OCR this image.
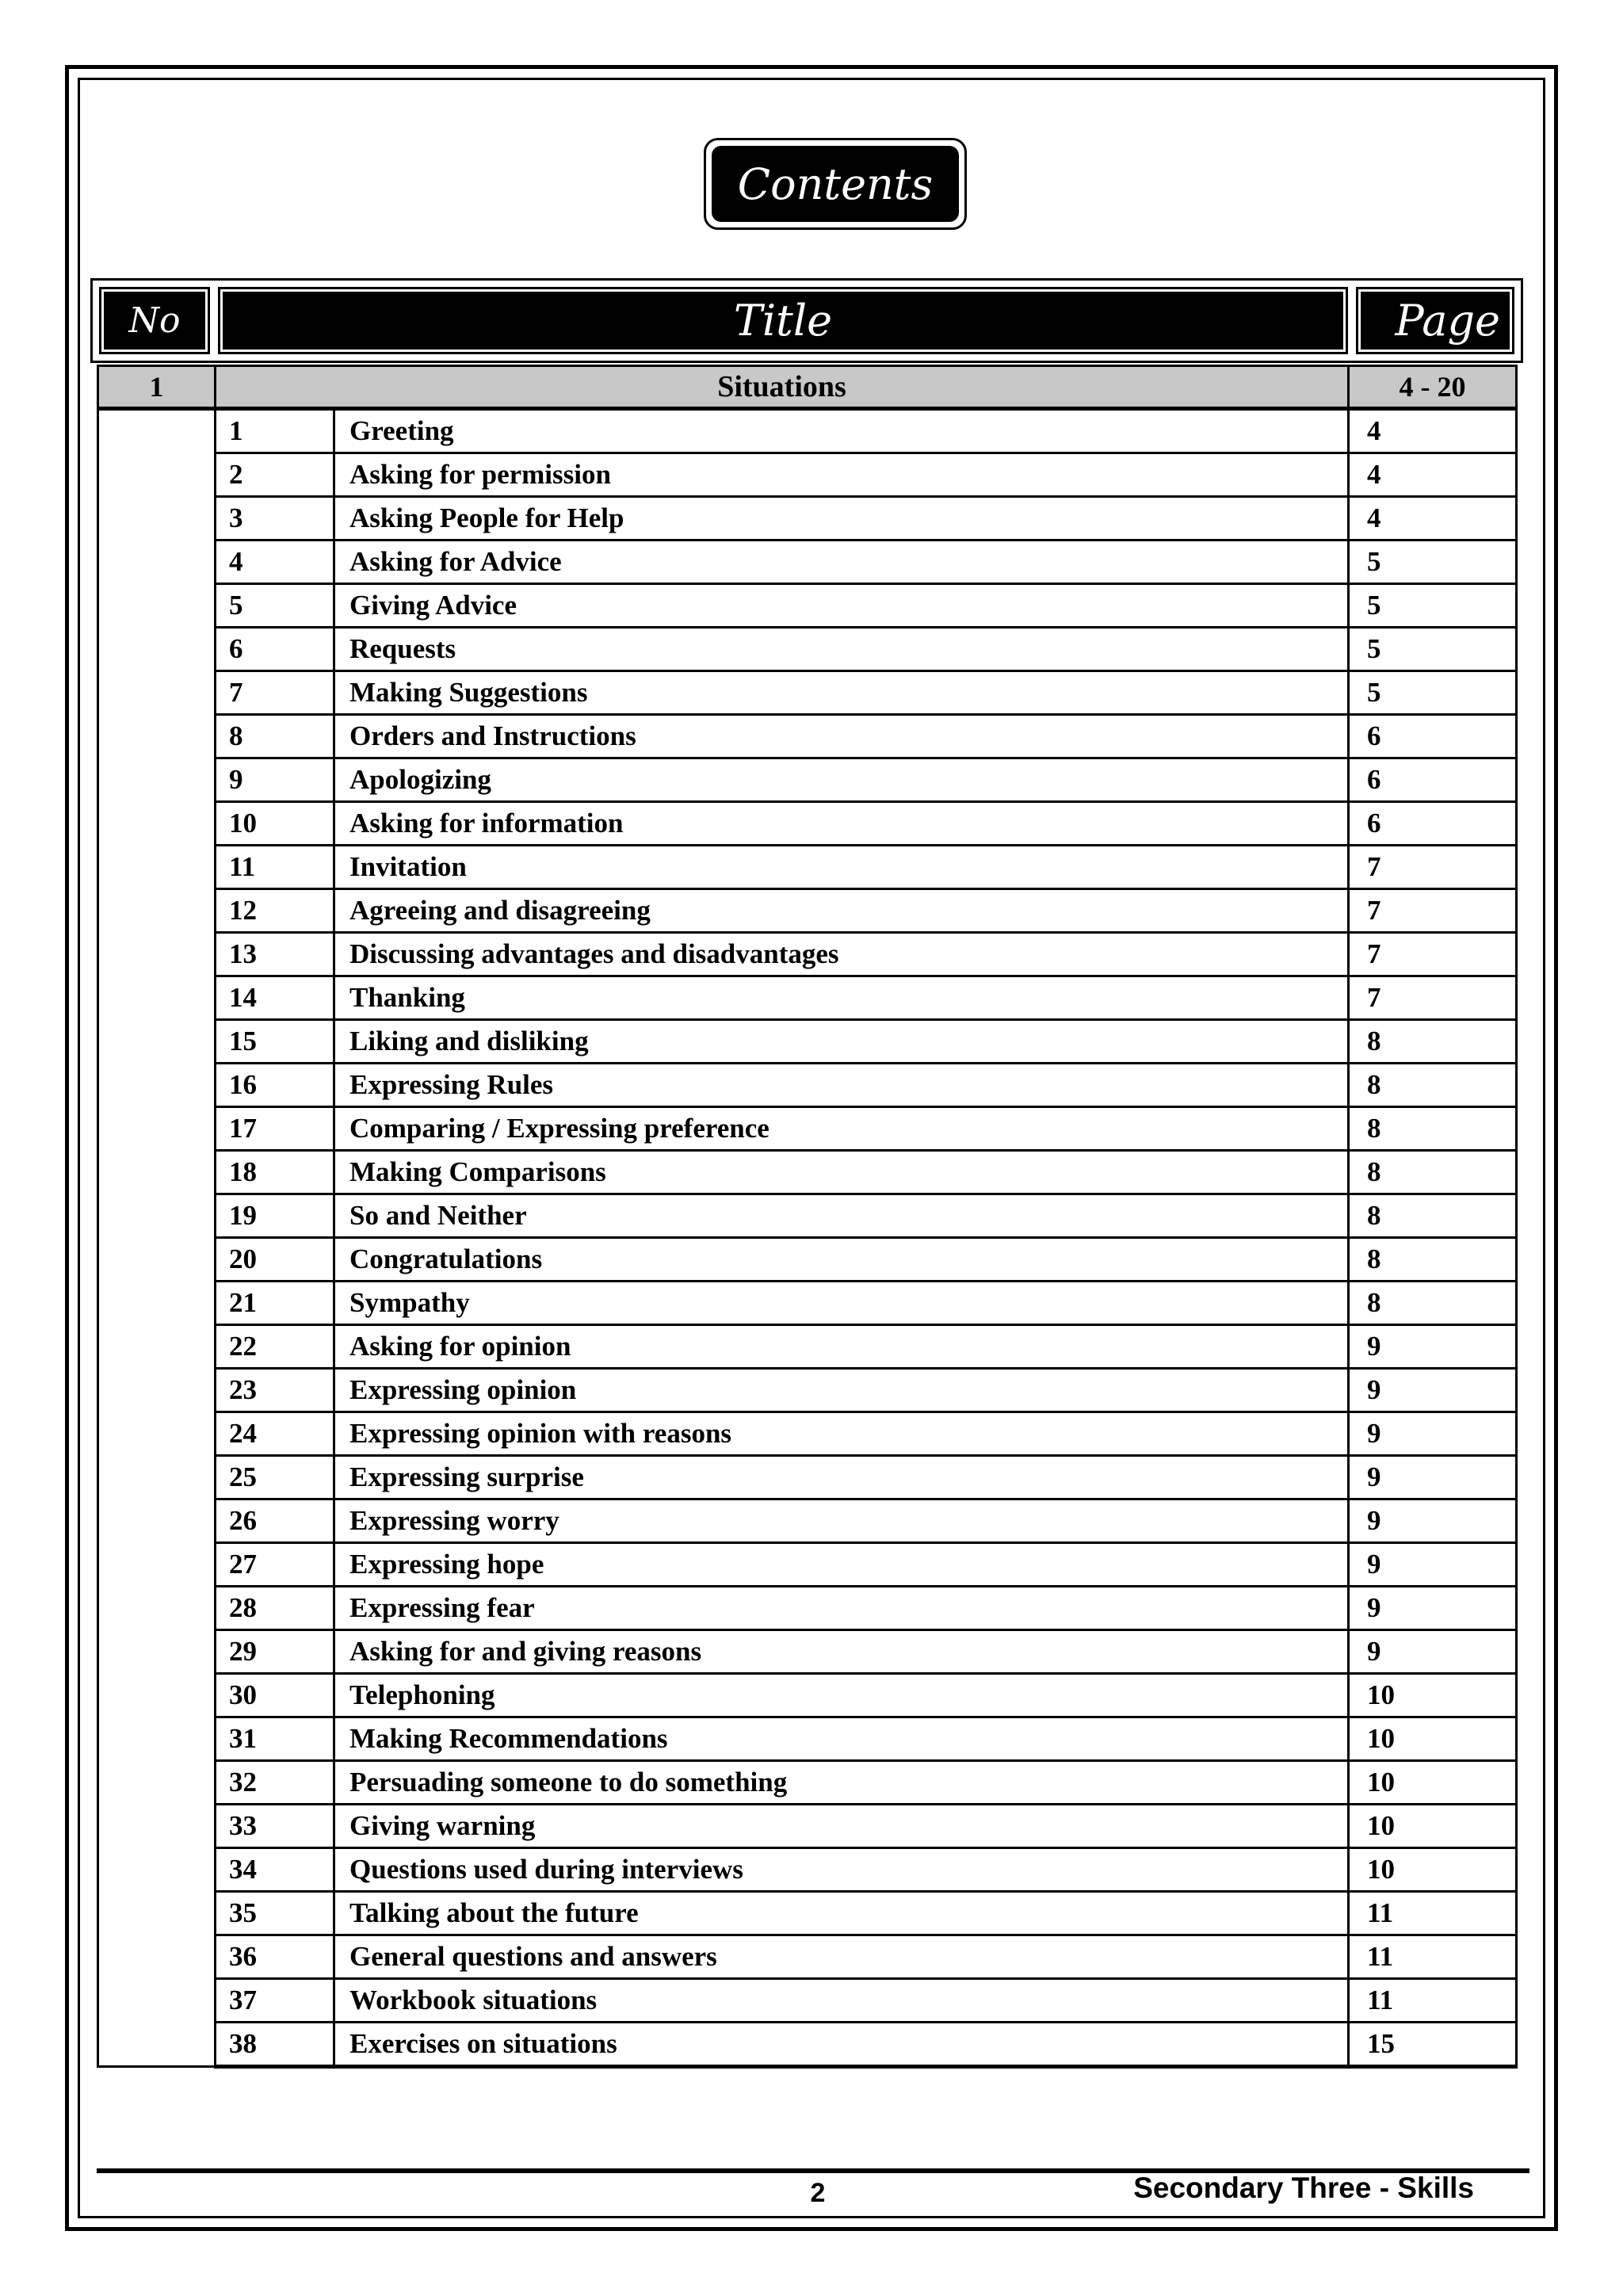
Contents
No	Title	Page
1	Situations		4 - 20
	1	Greeting	4
	2	Asking for permission	4
	3	Asking People for Help	4
	4	Asking for Advice	5
	5	Giving Advice	5
	6	Requests	5
	7	Making Suggestions	5
	8	Orders and Instructions	6
	9	Apologizing	6
	10	Asking for information	6
	11	Invitation	7
	12	Agreeing and disagreeing	7
	13	Discussing advantages and disadvantages	7
	14	Thanking	7
	15	Liking and disliking	8
	16	Expressing Rules	8
	17	Comparing / Expressing preference	8
	18	Making Comparisons	8
	19	So and Neither	8
	20	Congratulations	8
	21	Sympathy	8
	22	Asking for opinion	9
	23	Expressing opinion	9
	24	Expressing opinion with reasons	9
	25	Expressing surprise	9
	26	Expressing worry	9
	27	Expressing hope	9
	28	Expressing fear	9
	29	Asking for and giving reasons	9
	30	Telephoning	10
	31	Making Recommendations	10
	32	Persuading someone to do something	10
	33	Giving warning	10
	34	Questions used during interviews	10
	35	Talking about the future	11
	36	General questions and answers	11
	37	Workbook situations	11
	38	Exercises on situations	15
2	Secondary Three - Skills
